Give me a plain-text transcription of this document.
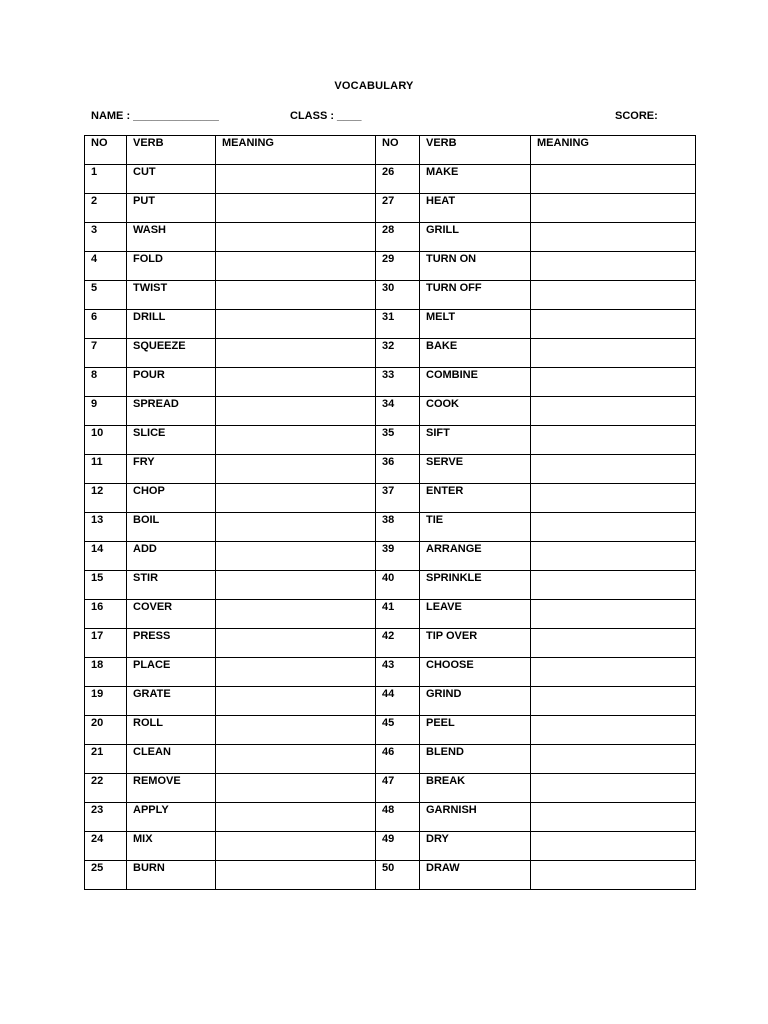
VOCABULARY
NAME : ______________	CLASS : ____	SCORE:
NO	VERB	MEANING	NO	VERB	MEANING
1	CUT		26	MAKE	
2	PUT		27	HEAT	
3	WASH		28	GRILL	
4	FOLD		29	TURN ON	
5	TWIST		30	TURN OFF	
6	DRILL		31	MELT	
7	SQUEEZE		32	BAKE	
8	POUR		33	COMBINE	
9	SPREAD		34	COOK	
10	SLICE		35	SIFT	
11	FRY		36	SERVE	
12	CHOP		37	ENTER	
13	BOIL		38	TIE	
14	ADD		39	ARRANGE	
15	STIR		40	SPRINKLE	
16	COVER		41	LEAVE	
17	PRESS		42	TIP OVER	
18	PLACE		43	CHOOSE	
19	GRATE		44	GRIND	
20	ROLL		45	PEEL	
21	CLEAN		46	BLEND	
22	REMOVE		47	BREAK	
23	APPLY		48	GARNISH	
24	MIX		49	DRY	
25	BURN		50	DRAW	
